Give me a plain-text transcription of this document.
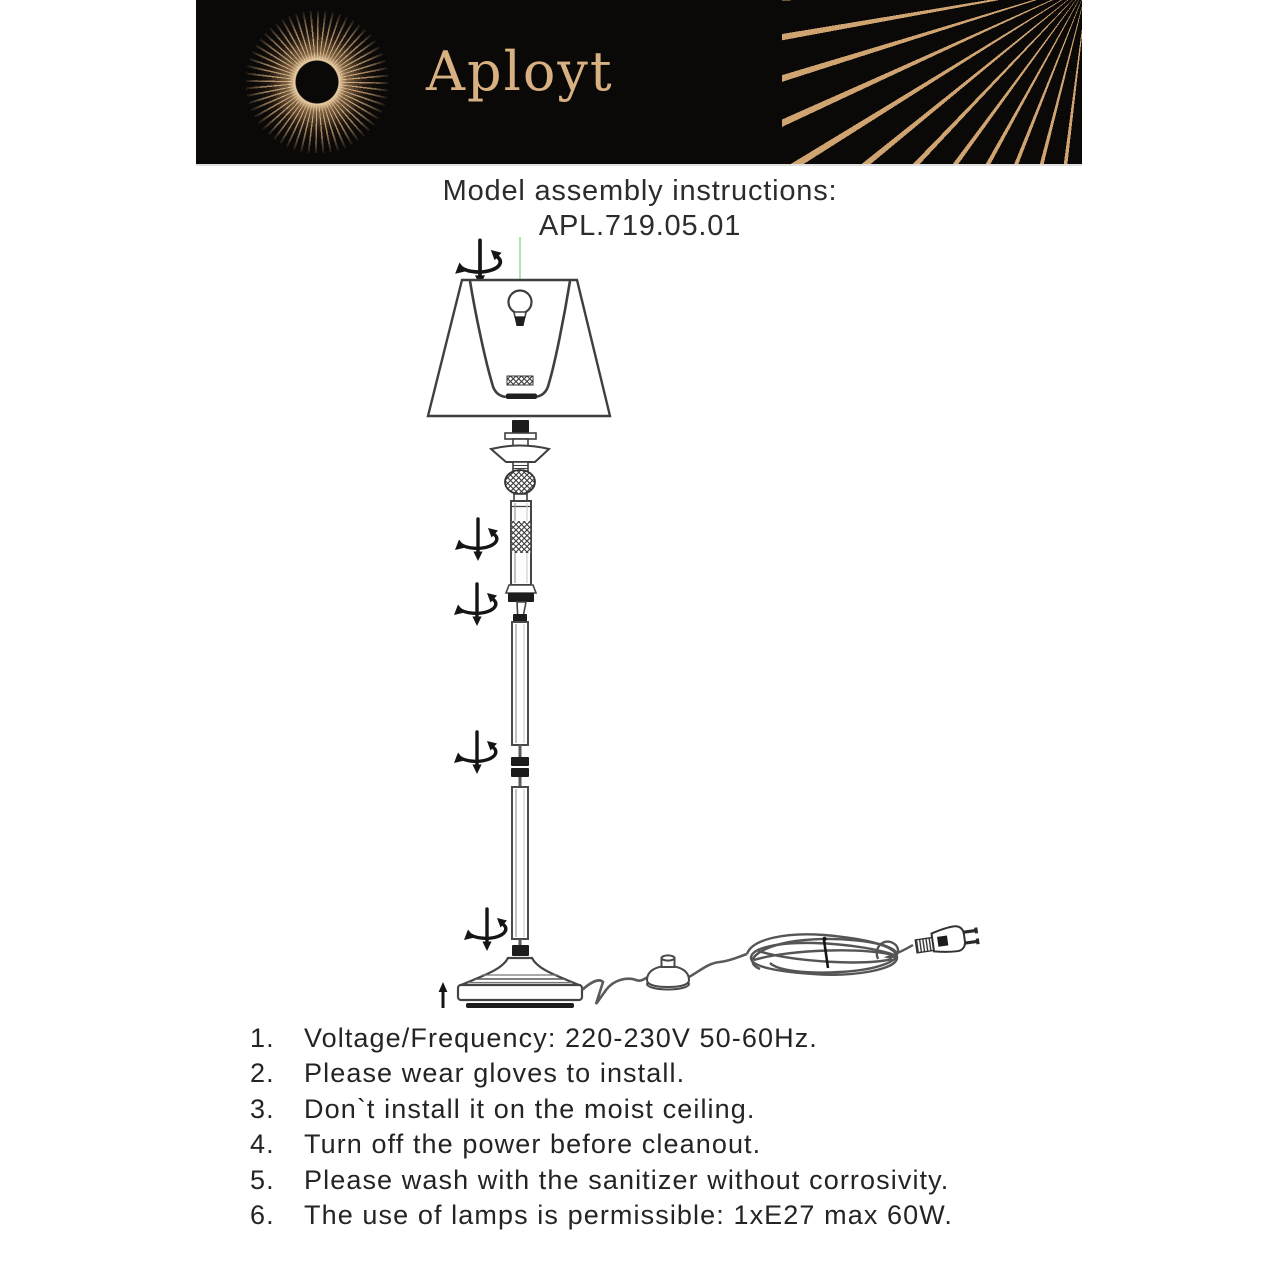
Aployt
Model assembly instructions:
APL.719.05.01
1.	Voltage/Frequency: 220-230V 50-60Hz.
2.	Please wear gloves to install.
3.	Don`t install it on the moist ceiling.
4.	Turn off the power before cleanout.
5.	Please wash with the sanitizer without corrosivity.
6.	The use of lamps is permissible: 1xE27 max 60W.
